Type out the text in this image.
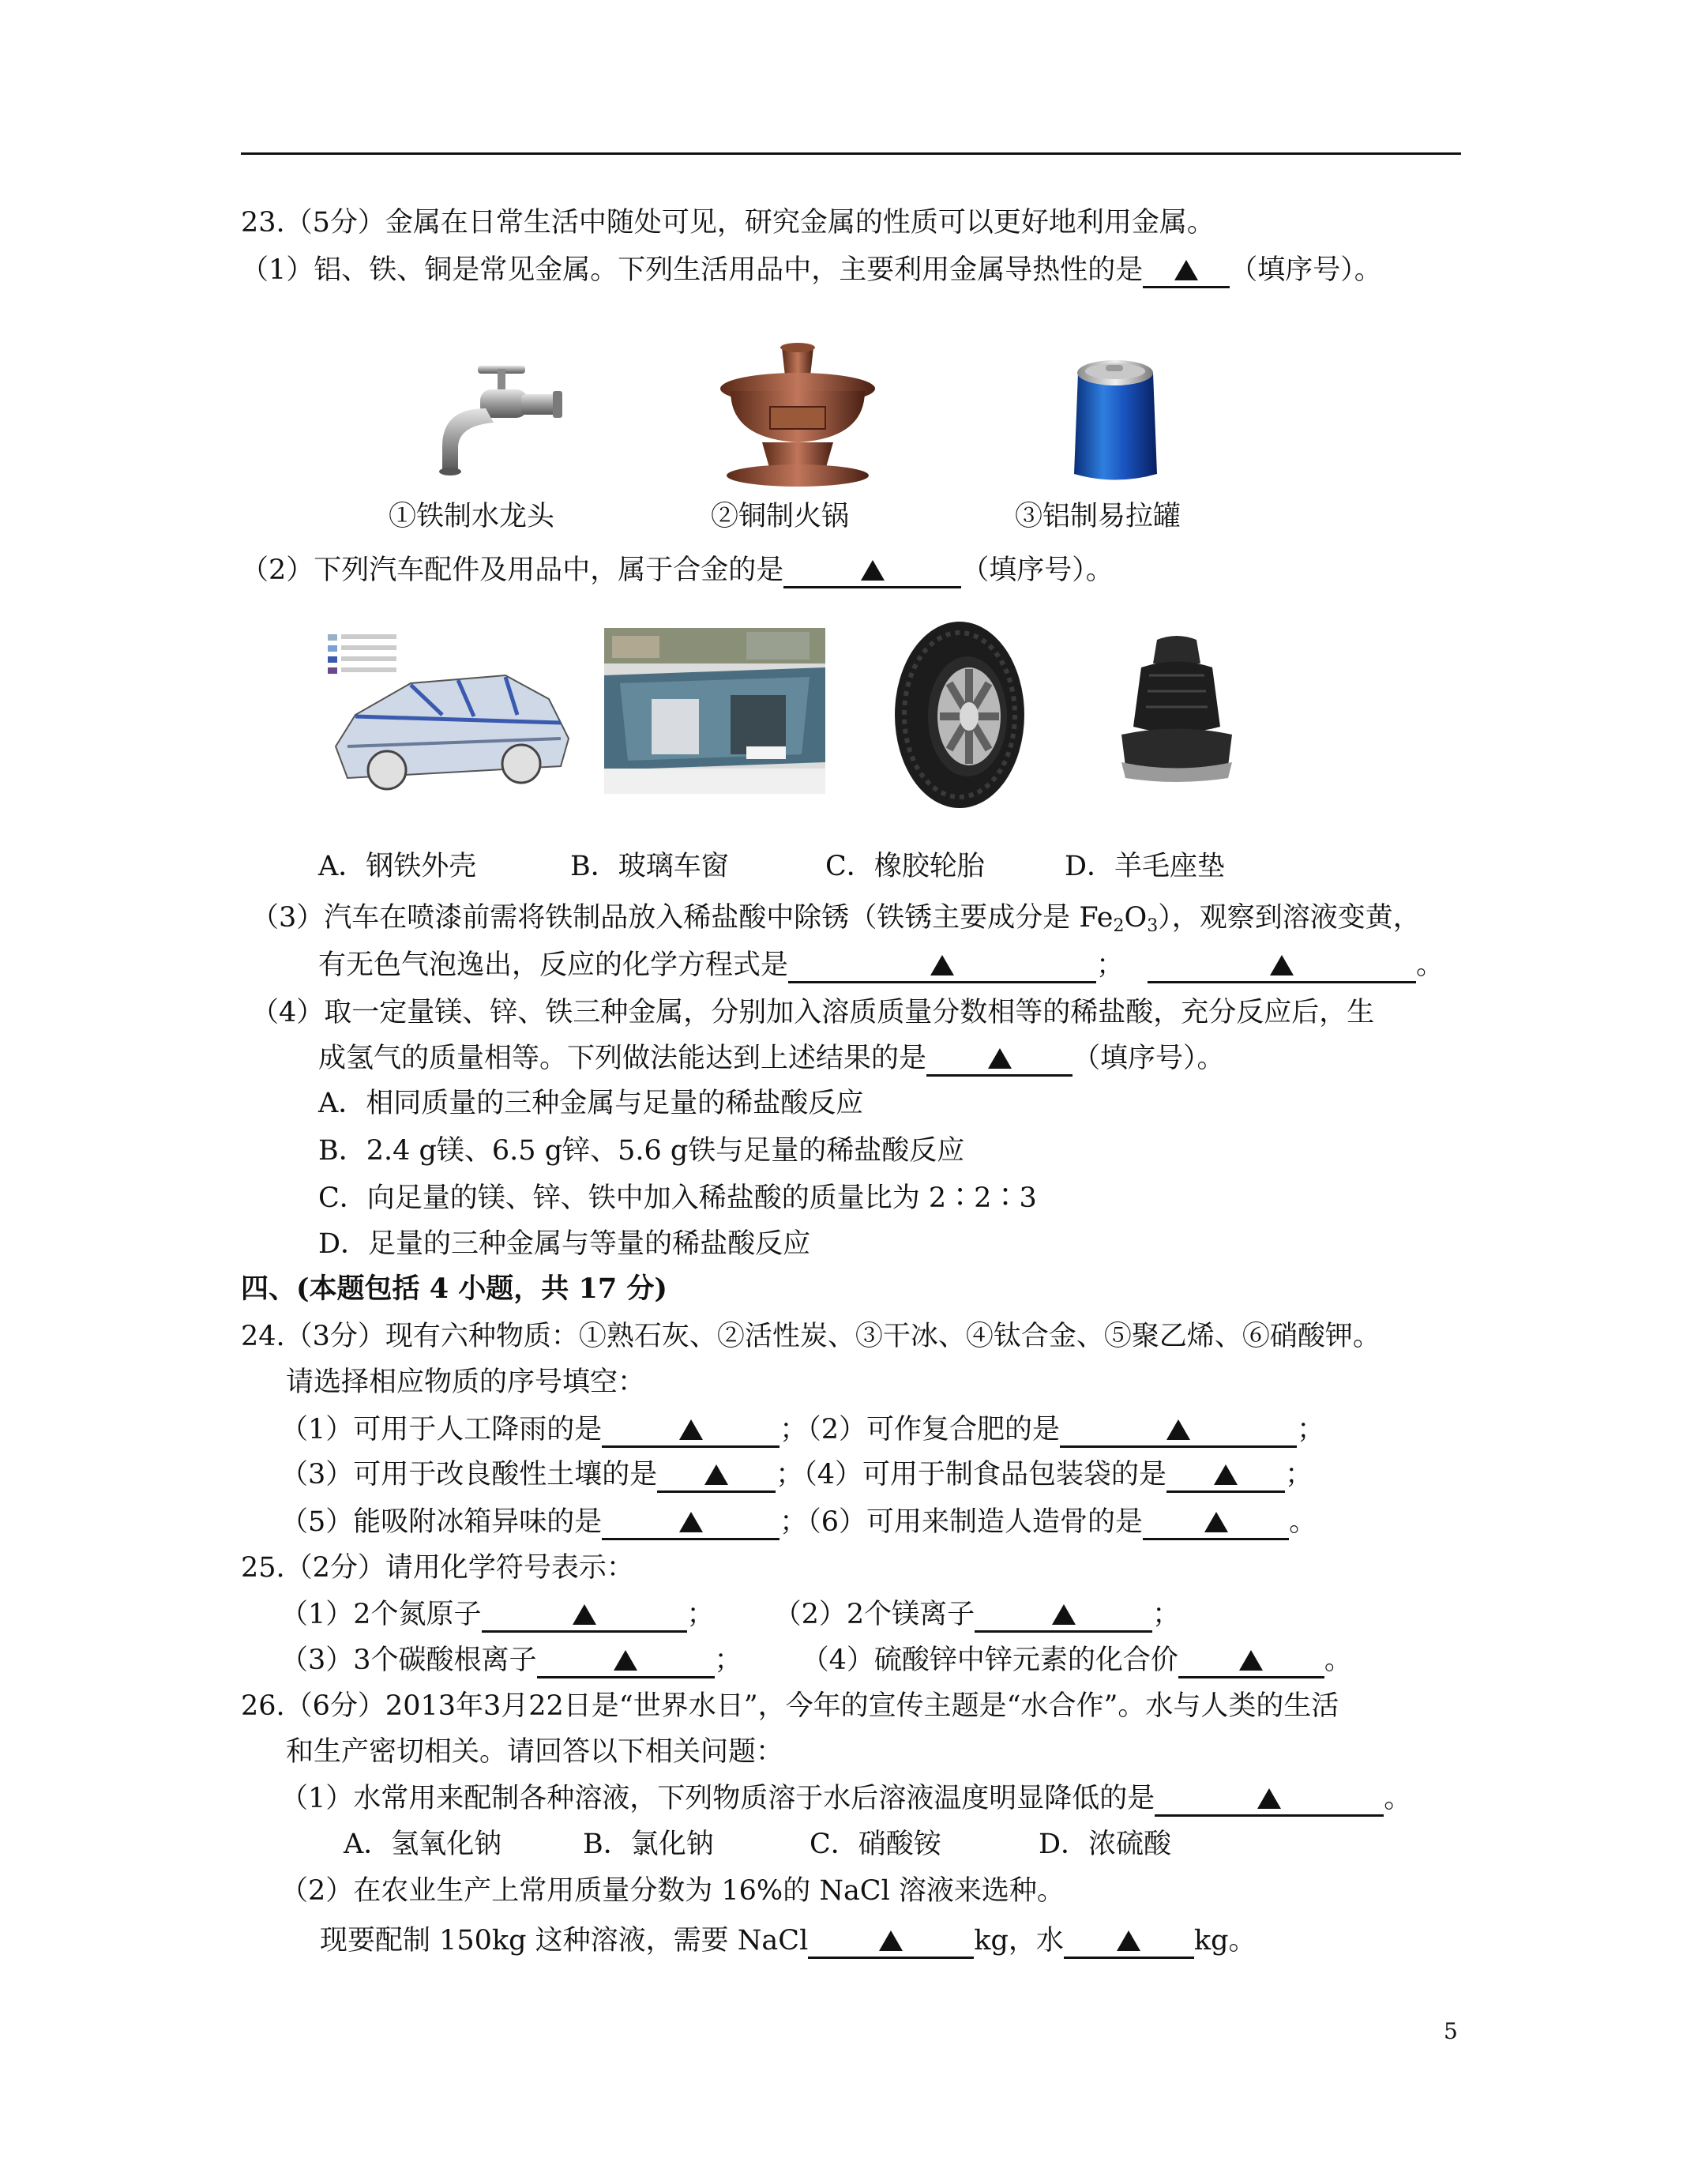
23.（5分）金属在日常生活中随处可见，研究金属的性质可以更好地利用金属。
（1）铝、铁、铜是常见金属。下列生活用品中，主要利用金属导热性的是	（填序号）。
①铁制水龙头	②铜制火锅	③铝制易拉罐
（2）下列汽车配件及用品中，属于合金的是	（填序号）。
A．钢铁外壳	B．玻璃车窗	C．橡胶轮胎	D．羊毛座垫
（3）汽车在喷漆前需将铁制品放入稀盐酸中除锈（铁锈主要成分是 $Fe_2O_3$），观察到溶液变黄，
有无色气泡逸出，反应的化学方程式是	；	。
（4）取一定量镁、锌、铁三种金属，分别加入溶质质量分数相等的稀盐酸，充分反应后，生
成氢气的质量相等。下列做法能达到上述结果的是	（填序号）。
A．相同质量的三种金属与足量的稀盐酸反应
B．2.4 g镁、6.5 g锌、5.6 g铁与足量的稀盐酸反应
C．向足量的镁、锌、铁中加入稀盐酸的质量比为 2∶2∶3
D．足量的三种金属与等量的稀盐酸反应
四、(本题包括 4 小题，共 17 分)
24.（3分）现有六种物质：①熟石灰、②活性炭、③干冰、④钛合金、⑤聚乙烯、⑥硝酸钾。
请选择相应物质的序号填空：
（1）可用于人工降雨的是	；（2）可作复合肥的是	；
（3）可用于改良酸性土壤的是	；（4）可用于制食品包装袋的是	；
（5）能吸附冰箱异味的是	；（6）可用来制造人造骨的是	。
25.（2分）请用化学符号表示：
（1）2个氮原子	； （2）2个镁离子	；
（3）3个碳酸根离子	； （4）硫酸锌中锌元素的化合价	。
26.（6分）2013年3月22日是“世界水日”，今年的宣传主题是“水合作”。水与人类的生活
和生产密切相关。请回答以下相关问题：
（1）水常用来配制各种溶液，下列物质溶于水后溶液温度明显降低的是	。
A．氢氧化钠	B．氯化钠	C．硝酸铵	D．浓硫酸
（2）在农业生产上常用质量分数为 16%的 NaCl 溶液来选种。
现要配制 150kg 这种溶液，需要 NaCl	kg，水	kg。
5
